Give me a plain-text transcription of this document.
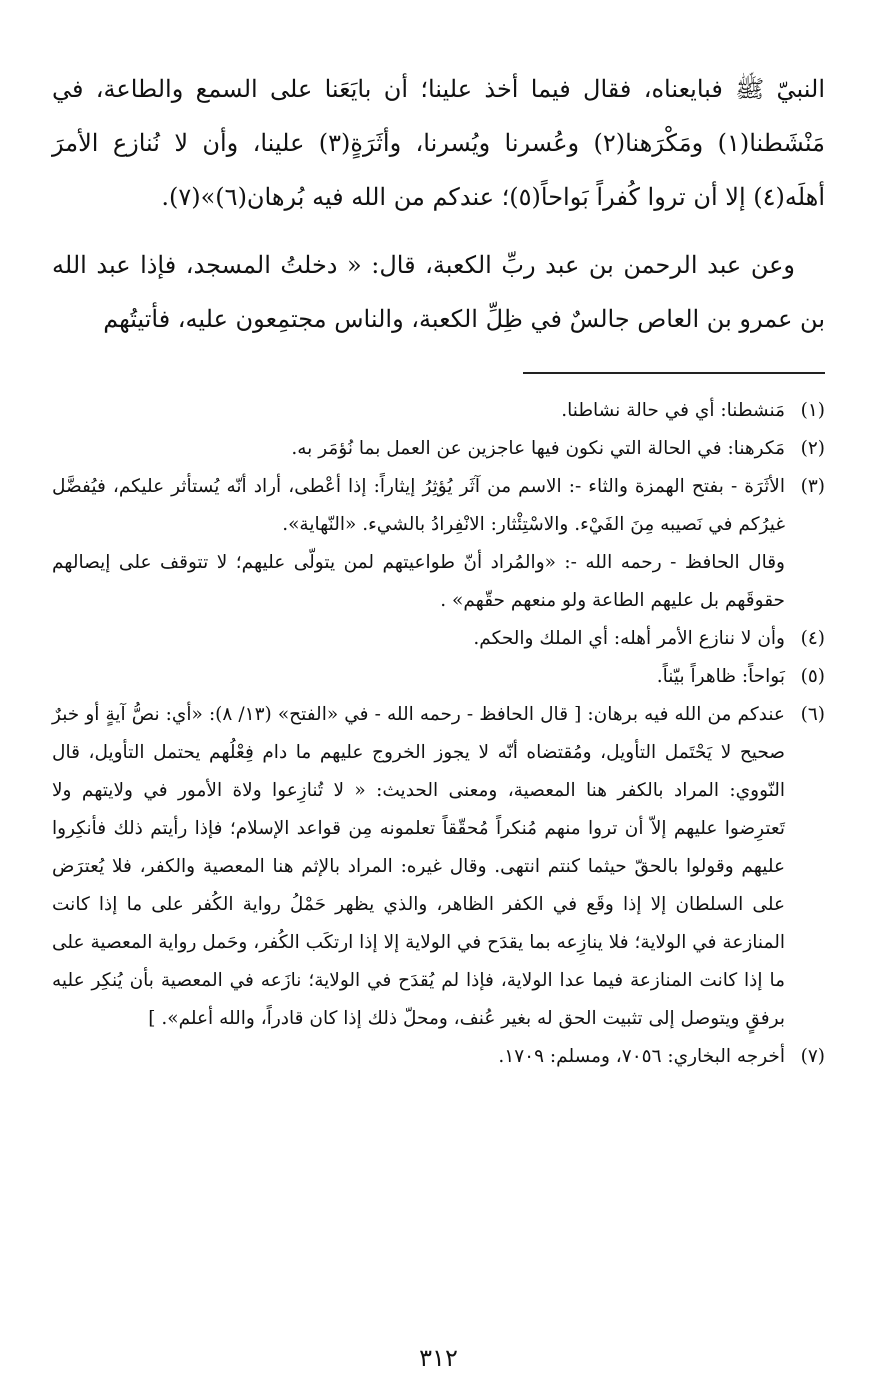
النبيّ ﷺ فبايعناه، فقال فيما أخذ علينا؛ أن بايَعَنا على السمع والطاعة، في مَنْشَطنا(١) ومَكْرَهنا(٢) وعُسرنا ويُسرنا، وأثَرَةٍ(٣) علينا، وأن لا نُنازع الأمرَ أهلَه(٤) إلا أن تروا كُفراً بَواحاً(٥)؛ عندكم من الله فيه بُرهان(٦)»(٧).

وعن عبد الرحمن بن عبد ربِّ الكعبة، قال: « دخلتُ المسجد، فإذا عبد الله بن عمرو بن العاص جالسٌ في ظِلِّ الكعبة، والناس مجتمِعون عليه، فأتيتُهم

(١)

مَنشطنا: أي في حالة نشاطنا.

(٢)

مَكرهنا: في الحالة التي نكون فيها عاجزين عن العمل بما نُؤمَر به.

(٣)

الأثَرَة - بفتح الهمزة والثاء -: الاسم من آثَر يُؤثِرُ إيثاراً: إذا أعْطى، أراد أنّه يُستأثر عليكم، فيُفضَّل غيرُكم في نَصيبه مِنَ الفَيْء. والاسْتِئْثار: الانْفِرادُ بالشيء. «النّهاية».

وقال الحافظ - رحمه الله -: «والمُراد أنّ طواعيتهم لمن يتولّى عليهم؛ لا تتوقف على إيصالهم حقوقَهم بل عليهم الطاعة ولو منعهم حقّهم» .

(٤)

وأن لا ننازع الأمر أهله: أي الملك والحكم.

(٥)

بَواحاً: ظاهراً بيّناً.

(٦)

عندكم من الله فيه برهان: [ قال الحافظ - رحمه الله - في «الفتح» (١٣/ ٨): «أي: نصُّ آيةٍ أو خبرٌ صحيح لا يَحْتَمل التأويل، ومُقتضاه أنّه لا يجوز الخروج عليهم ما دام فِعْلُهم يحتمل التأويل، قال النّووي: المراد بالكفر هنا المعصية، ومعنى الحديث: « لا تُنازِعوا ولاة الأمور في ولايتهم ولا تَعترِضوا عليهم إلاّ أن تروا منهم مُنكراً مُحقّقاً تعلمونه مِن قواعد الإسلام؛ فإذا رأيتم ذلك فأنكِروا عليهم وقولوا بالحقّ حيثما كنتم انتهى. وقال غيره: المراد بالإثم هنا المعصية والكفر، فلا يُعترَض على السلطان إلا إذا وقَع في الكفر الظاهر، والذي يظهر حَمْلُ رواية الكُفر على ما إذا كانت المنازعة في الولاية؛ فلا ينازِعه بما يقدَح في الولاية إلا إذا ارتكَب الكُفر، وحَمل رواية المعصية على ما إذا كانت المنازعة فيما عدا الولاية، فإذا لم يُقدَح في الولاية؛ نازَعه في المعصية بأن يُنكِر عليه برفقٍ ويتوصل إلى تثبيت الحق له بغير عُنف، ومحلّ ذلك إذا كان قادراً، والله أعلم». ]

(٧)

أخرجه البخاري: ٧٠٥٦، ومسلم: ١٧٠٩.

٣١٢
